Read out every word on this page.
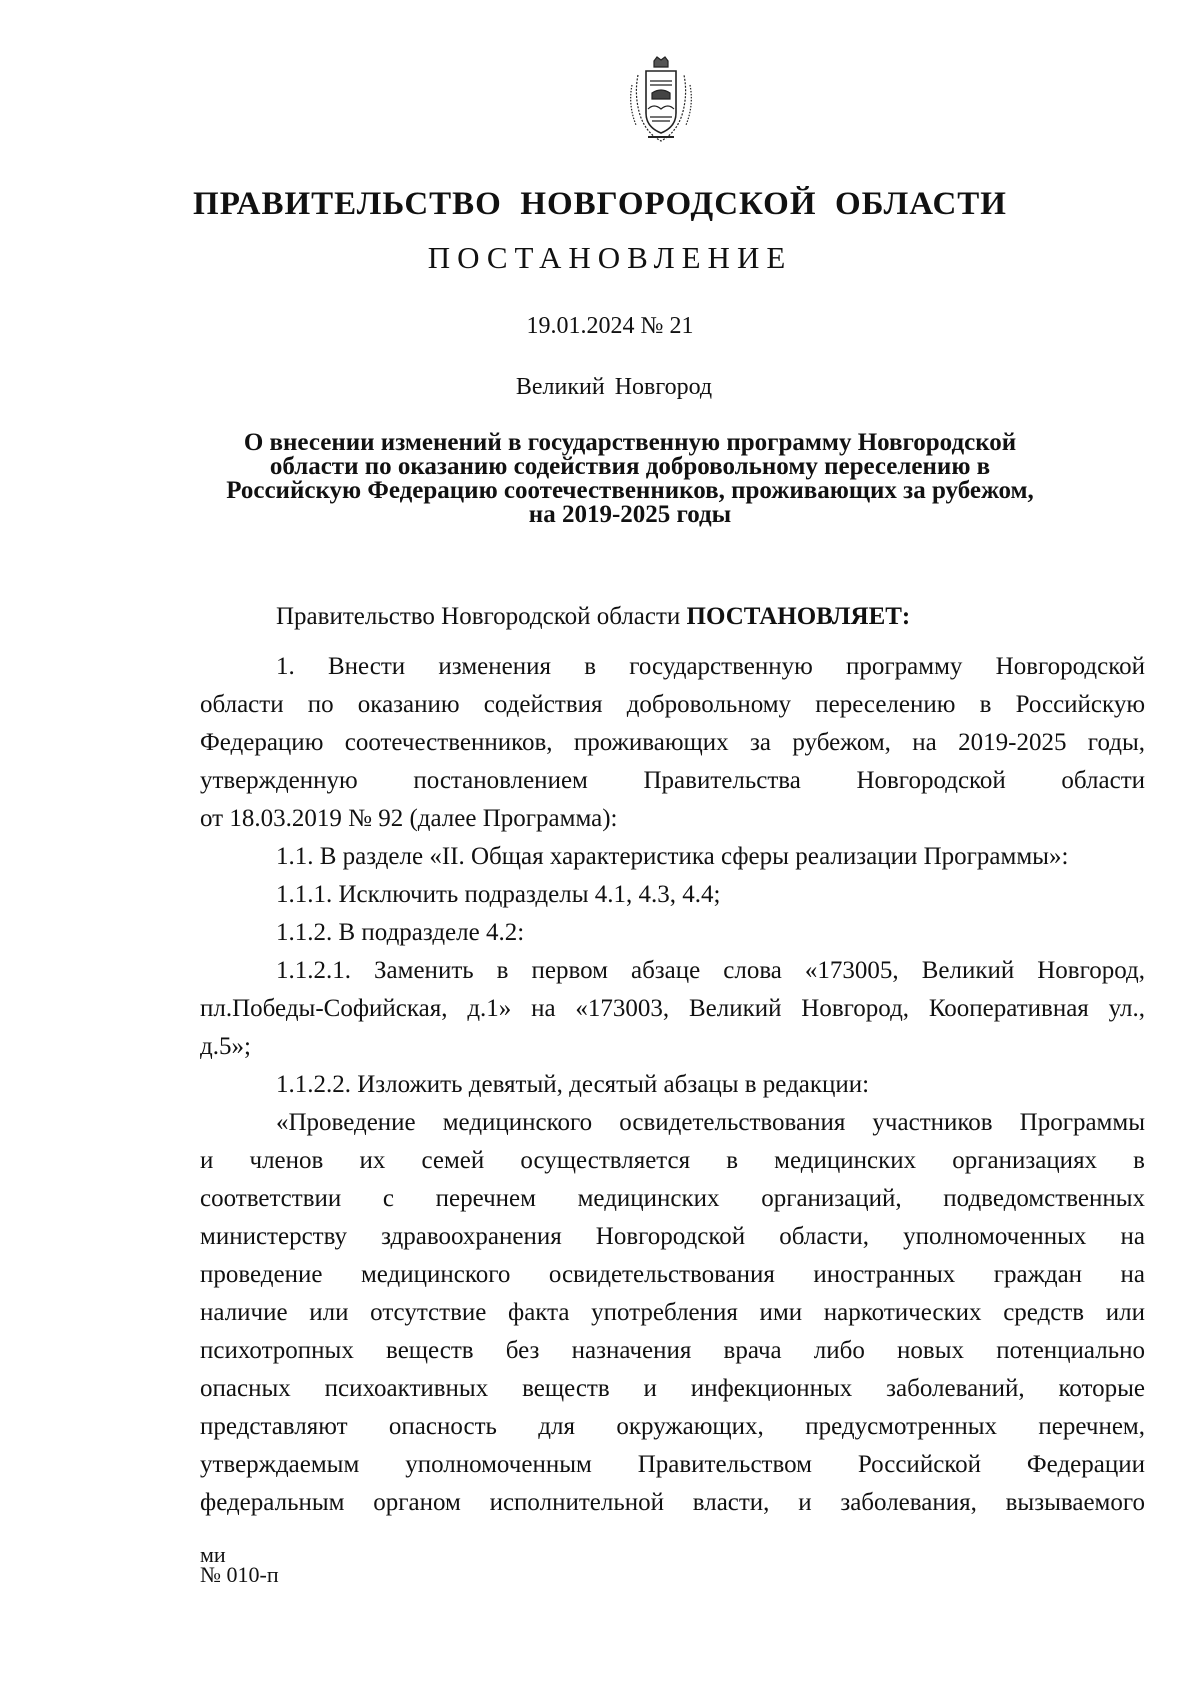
ПРАВИТЕЛЬСТВО  НОВГОРОДСКОЙ  ОБЛАСТИ
ПОСТАНОВЛЕНИЕ
19.01.2024 № 21
Великий Новгород
О внесении изменений в государственную программу Новгородской
области по оказанию содействия добровольному переселению в
Российскую Федерацию соотечественников, проживающих за рубежом,
на 2019-2025 годы
Правительство Новгородской области ПОСТАНОВЛЯЕТ:
1. Внести изменения в государственную программу Новгородской
области по оказанию содействия добровольному переселению в Российскую
Федерацию соотечественников, проживающих за рубежом, на 2019-2025 годы,
утвержденную постановлением Правительства Новгородской области
от 18.03.2019 № 92 (далее Программа):
1.1. В разделе «II. Общая характеристика сферы реализации Программы»:
1.1.1. Исключить подразделы 4.1, 4.3, 4.4;
1.1.2. В подразделе 4.2:
1.1.2.1. Заменить в первом абзаце слова «173005, Великий Новгород,
пл.Победы-Софийская, д.1» на «173003, Великий Новгород, Кооперативная ул.,
д.5»;
1.1.2.2. Изложить девятый, десятый абзацы в редакции:
«Проведение медицинского освидетельствования участников Программы
и членов их семей осуществляется в медицинских организациях в
соответствии с перечнем медицинских организаций, подведомственных
министерству здравоохранения Новгородской области, уполномоченных на
проведение медицинского освидетельствования иностранных граждан на
наличие или отсутствие факта употребления ими наркотических средств или
психотропных веществ без назначения врача либо новых потенциально
опасных психоактивных веществ и инфекционных заболеваний, которые
представляют опасность для окружающих, предусмотренных перечнем,
утверждаемым уполномоченным Правительством Российской Федерации
федеральным органом исполнительной власти, и заболевания, вызываемого
ми
№ 010-п
